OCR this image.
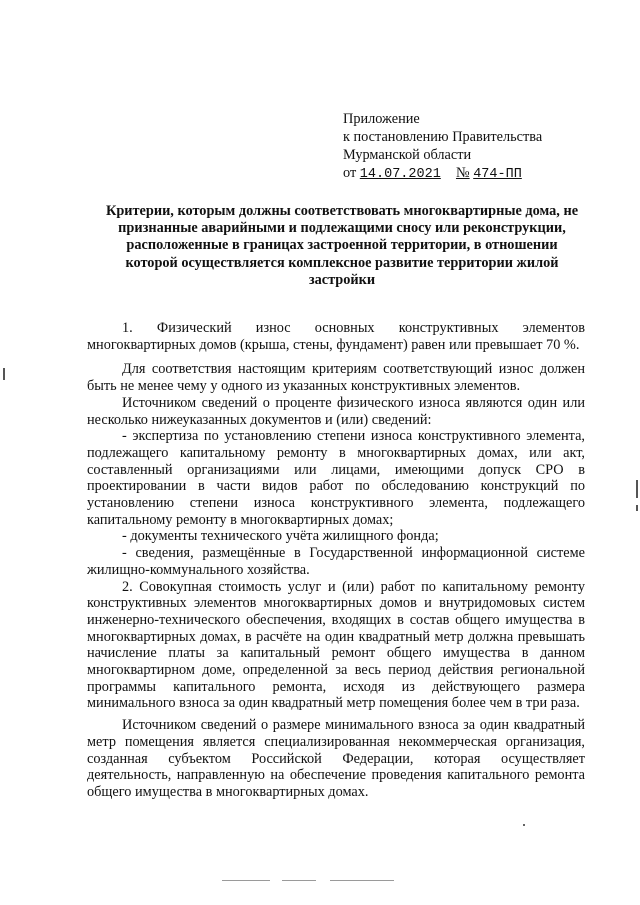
Приложение
к постановлению Правительства
Мурманской области
от 14.07.2021 № 474-ПП
Критерии, которым должны соответствовать многоквартирные дома, не признанные аварийными и подлежащими сносу или реконструкции, расположенные в границах застроенной территории, в отношении которой осуществляется комплексное развитие территории жилой застройки

1. Физический износ основных конструктивных элементов многоквартирных домов (крыша, стены, фундамент) равен или превышает 70 %.

Для соответствия настоящим критериям соответствующий износ должен быть не менее чему у одного из указанных конструктивных элементов.

Источником сведений о проценте физического износа являются один или несколько нижеуказанных документов и (или) сведений:

- экспертиза по установлению степени износа конструктивного элемента, подлежащего капитальному ремонту в многоквартирных домах, или акт, составленный организациями или лицами, имеющими допуск СРО в проектировании в части видов работ по обследованию конструкций по установлению степени износа конструктивного элемента, подлежащего капитальному ремонту в многоквартирных домах;

- документы технического учёта жилищного фонда;

- сведения, размещённые в Государственной информационной системе жилищно-коммунального хозяйства.

2. Совокупная стоимость услуг и (или) работ по капитальному ремонту конструктивных элементов многоквартирных домов и внутридомовых систем инженерно-технического обеспечения, входящих в состав общего имущества в многоквартирных домах, в расчёте на один квадратный метр должна превышать начисление платы за капитальный ремонт общего имущества в данном многоквартирном доме, определенной за весь период действия региональной программы капитального ремонта, исходя из действующего размера минимального взноса за один квадратный метр помещения более чем в три раза.

Источником сведений о размере минимального взноса за один квадратный метр помещения является специализированная некоммерческая организация, созданная субъектом Российской Федерации, которая осуществляет деятельность, направленную на обеспечение проведения капитального ремонта общего имущества в многоквартирных домах.
